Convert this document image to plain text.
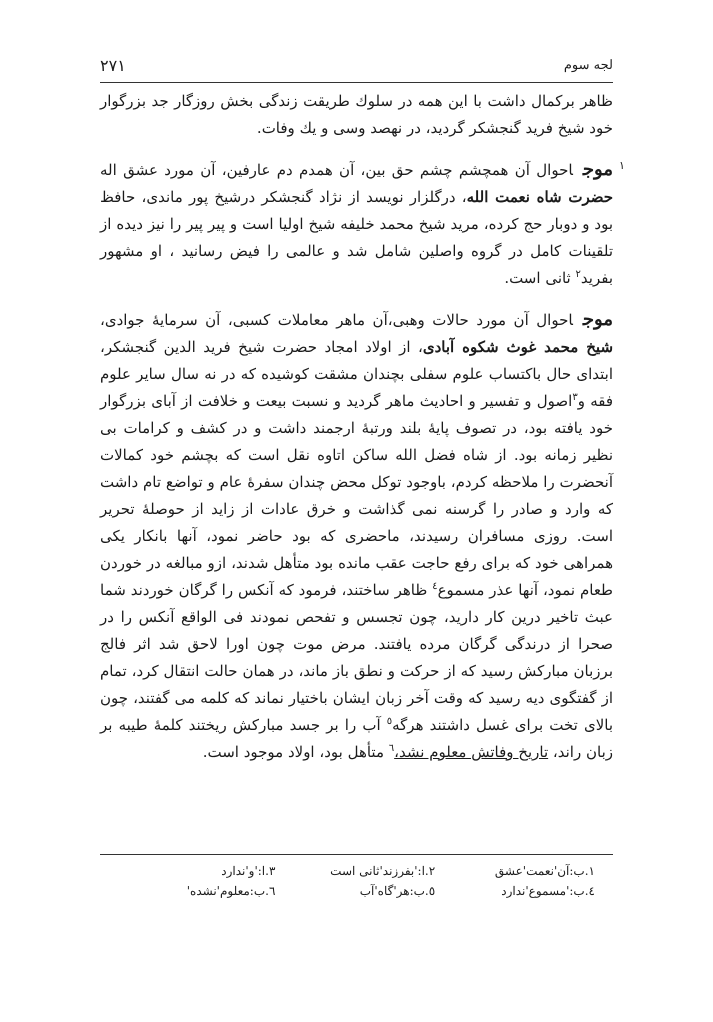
لجه سوم
۲۷۱

ظاهر برکمال داشت با این همه در سلوك طریقت زندگی بخش روزگار جد بزرگوار خود شیخ فرید گنجشکر گردید، در نهصد وسی و یك وفات.

۱
موجاحوال آن همچشم چشم حق بین، آن همدم دم عارفین، آن مورد عشق اله حضرت شاه نعمت الله، درگلزار نویسد از نژاد گنجشکر درشیخ پور ماندی، حافظ بود و دوبار حج کرده، مرید شیخ محمد خلیفه شیخ اولیا است و پیر پیر را نیز دیده از تلقینات کامل در گروه واصلین شامل شد و عالمی را فیض رسانید ، او مشهور بفرید$^۲$ ثانی است.

موجاحوال آن مورد حالات وهبی،آن ماهر معاملات کسبی، آن سرمایهٔ جوادی، شیخ محمد غوث شکوه آبادی، از اولاد امجاد حضرت شیخ فرید الدین گنجشکر، ابتدای حال باکتساب علوم سفلی بچندان مشقت کوشیده که در نه سال سایر علوم فقه و$^۳$اصول و تفسیر و احادیث ماهر گردید و نسبت بیعت و خلافت از آبای بزرگوار خود یافته بود، در تصوف پایهٔ بلند ورتبهٔ ارجمند داشت و در کشف و کرامات بی نظیر زمانه بود. از شاه فضل الله ساکن اتاوه نقل است که بچشم خود کمالات آنحضرت را ملاحظه کردم، باوجود توکل محض چندان سفرهٔ عام و تواضع تام داشت که وارد و صادر را گرسنه نمی گذاشت و خرق عادات از زاید از حوصلهٔ تحریر است. روزی مسافران رسیدند، ماحضری که بود حاضر نمود، آنها بانکار یکی همراهی خود که برای رفع حاجت عقب مانده بود متأهل شدند، ازو مبالغه در خوردن طعام نمود، آنها عذر مسموع$^٤$ ظاهر ساختند، فرمود که آنکس را گرگان خوردند شما عبث تاخیر درین کار دارید، چون تجسس و تفحص نمودند فی الواقع آنکس را در صحرا از درندگی گرگان مرده یافتند. مرض موت چون اورا لاحق شد اثر فالج برزبان مبارکش رسید که از حرکت و نطق باز ماند، در همان حالت انتقال کرد، تمام از گفتگوی دیه رسید که وقت آخر زبان ایشان باختیار نماند که کلمه می گفتند، چون بالای تخت برای غسل داشتند هرگه$^٥$ آب را بر جسد مبارکش ریختند کلمهٔ طیبه بر زبان راند، تاریخ وفاتش معلوم نشد،$^٦$ متأهل بود، اولاد موجود است.

۱.ب:آن'نعمت'عشق
۲.ا:'بفرزند'ثانی است
۳.ا:'و'ندارد
٤.ب:'مسموع'ندارد
٥.ب:هر'گاه'آب
٦.ب:معلوم'نشده'
